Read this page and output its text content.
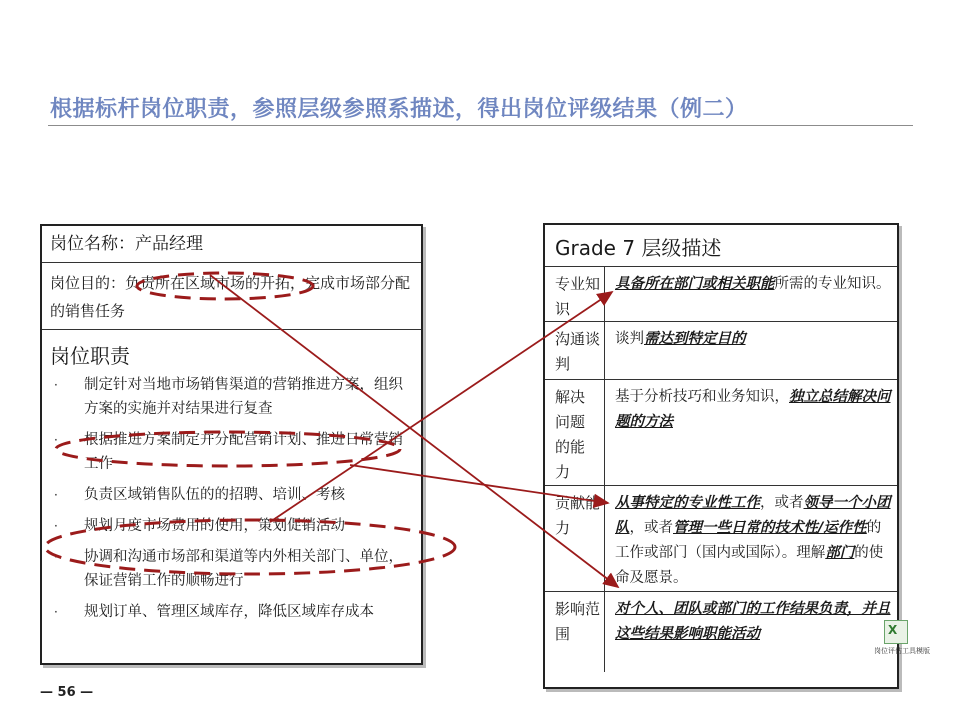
根据标杆岗位职责，参照层级参照系描述，得出岗位评级结果（例二）
岗位名称：产品经理
岗位目的：负责所在区域市场的开拓，完成市场部分配的销售任务
岗位职责
· 制定针对当地市场销售渠道的营销推进方案，组织方案的实施并对结果进行复查
· 根据推进方案制定并分配营销计划、推进日常营销工作
· 负责区域销售队伍的的招聘、培训、考核
· 规划月度市场费用的使用，策划促销活动
· 协调和沟通市场部和渠道等内外相关部门、单位，保证营销工作的顺畅进行
· 规划订单、管理区域库存，降低区域库存成本
Grade 7 层级描述
专业知识
具备所在部门或相关职能所需的专业知识。
沟通谈判
谈判需达到特定目的
解决问题的能力
基于分析技巧和业务知识，独立总结解决问题的方法
贡献能力
从事特定的专业性工作，或者领导一个小团队，或者管理一些日常的技术性/运作性的工作或部门（国内或国际）。理解部门的使命及愿景。
影响范围
对个人、团队或部门的工作结果负责，并且这些结果影响职能活动
— 56 —
X
岗位评估工具模版
